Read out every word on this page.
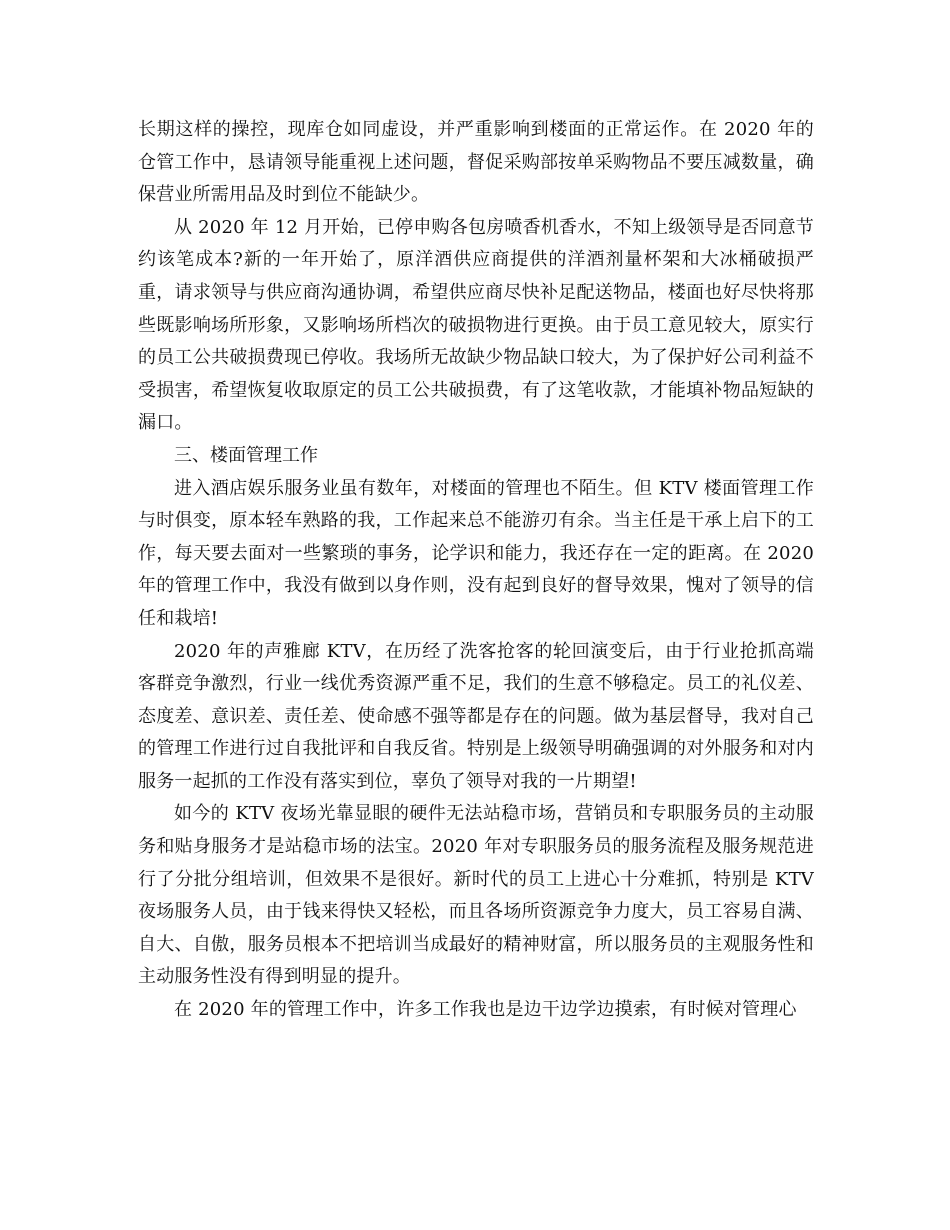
长期这样的操控，现库仓如同虚设，并严重影响到楼面的正常运作。在 2020 年的仓管工作中，恳请领导能重视上述问题，督促采购部按单采购物品不要压减数量，确保营业所需用品及时到位不能缺少。

从 2020 年 12 月开始，已停申购各包房喷香机香水，不知上级领导是否同意节约该笔成本?新的一年开始了，原洋酒供应商提供的洋酒剂量杯架和大冰桶破损严重，请求领导与供应商沟通协调，希望供应商尽快补足配送物品，楼面也好尽快将那些既影响场所形象，又影响场所档次的破损物进行更换。由于员工意见较大，原实行的员工公共破损费现已停收。我场所无故缺少物品缺口较大，为了保护好公司利益不受损害，希望恢复收取原定的员工公共破损费，有了这笔收款，才能填补物品短缺的漏口。

三、楼面管理工作

进入酒店娱乐服务业虽有数年，对楼面的管理也不陌生。但 KTV 楼面管理工作与时俱变，原本轻车熟路的我，工作起来总不能游刃有余。当主任是干承上启下的工作，每天要去面对一些繁琐的事务，论学识和能力，我还存在一定的距离。在 2020 年的管理工作中，我没有做到以身作则，没有起到良好的督导效果，愧对了领导的信任和栽培!

2020 年的声雅廊 KTV，在历经了洗客抢客的轮回演变后，由于行业抢抓高端客群竞争激烈，行业一线优秀资源严重不足，我们的生意不够稳定。员工的礼仪差、态度差、意识差、责任差、使命感不强等都是存在的问题。做为基层督导，我对自己的管理工作进行过自我批评和自我反省。特别是上级领导明确强调的对外服务和对内服务一起抓的工作没有落实到位，辜负了领导对我的一片期望!

如今的 KTV 夜场光靠显眼的硬件无法站稳市场，营销员和专职服务员的主动服务和贴身服务才是站稳市场的法宝。2020 年对专职服务员的服务流程及服务规范进行了分批分组培训，但效果不是很好。新时代的员工上进心十分难抓，特别是 KTV 夜场服务人员，由于钱来得快又轻松，而且各场所资源竞争力度大，员工容易自满、自大、自傲，服务员根本不把培训当成最好的精神财富，所以服务员的主观服务性和主动服务性没有得到明显的提升。

在 2020 年的管理工作中，许多工作我也是边干边学边摸索，有时候对管理心
